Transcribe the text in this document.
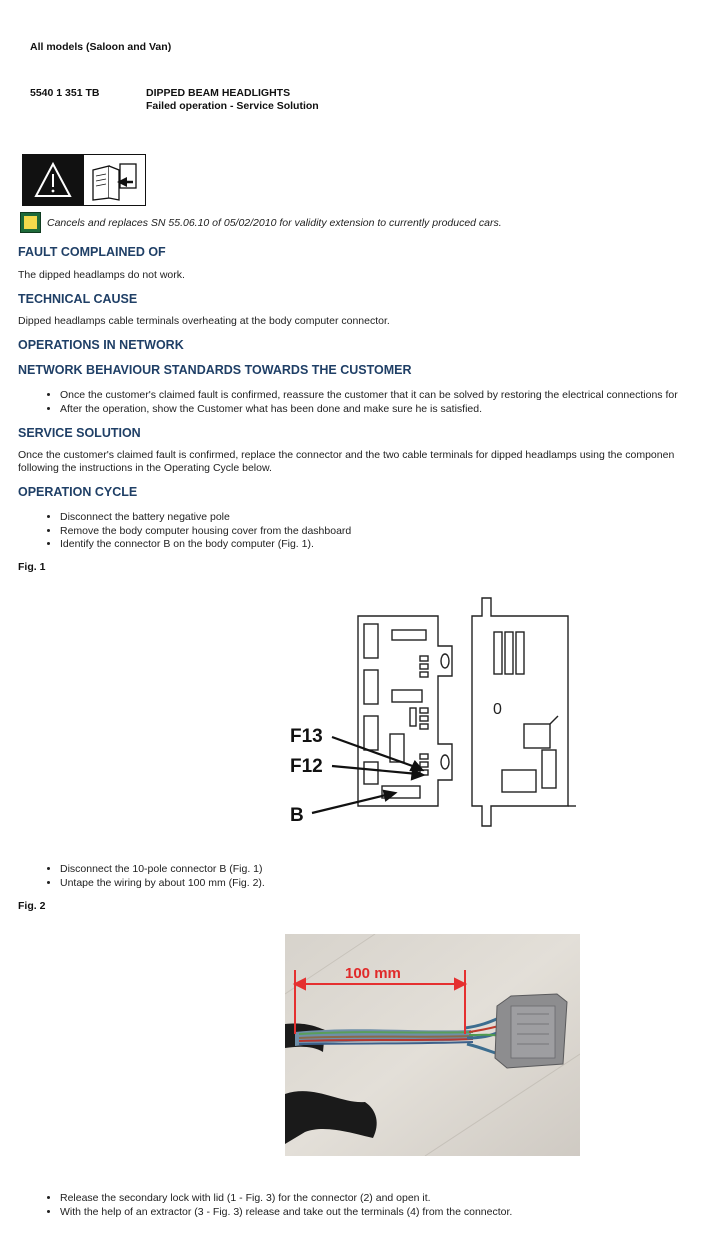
All models (Saloon and Van)
5540 1 351 TB	DIPPED BEAM HEADLIGHTS
Failed operation - Service Solution
Cancels and replaces SN 55.06.10 of 05/02/2010 for validity extension to currently produced cars.
FAULT COMPLAINED OF
The dipped headlamps do not work.
TECHNICAL CAUSE
Dipped headlamps cable terminals overheating at the body computer connector.
OPERATIONS IN NETWORK
NETWORK BEHAVIOUR STANDARDS TOWARDS THE CUSTOMER
• Once the customer's claimed fault is confirmed, reassure the customer that it can be solved by restoring the electrical connections for
• After the operation, show the Customer what has been done and make sure he is satisfied.
SERVICE SOLUTION
Once the customer's claimed fault is confirmed, replace the connector and the two cable terminals for dipped headlamps using the componen
following the instructions in the Operating Cycle below.
OPERATION CYCLE
• Disconnect the battery negative pole
• Remove the body computer housing cover from the dashboard
• Identify the connector B on the body computer (Fig. 1).
Fig. 1
0
F13
F12
B
• Disconnect the 10-pole connector B (Fig. 1)
• Untape the wiring by about 100 mm (Fig. 2).
Fig. 2
100 mm
• Release the secondary lock with lid (1 - Fig. 3) for the connector (2) and open it.
• With the help of an extractor (3 - Fig. 3) release and take out the terminals (4) from the connector.
